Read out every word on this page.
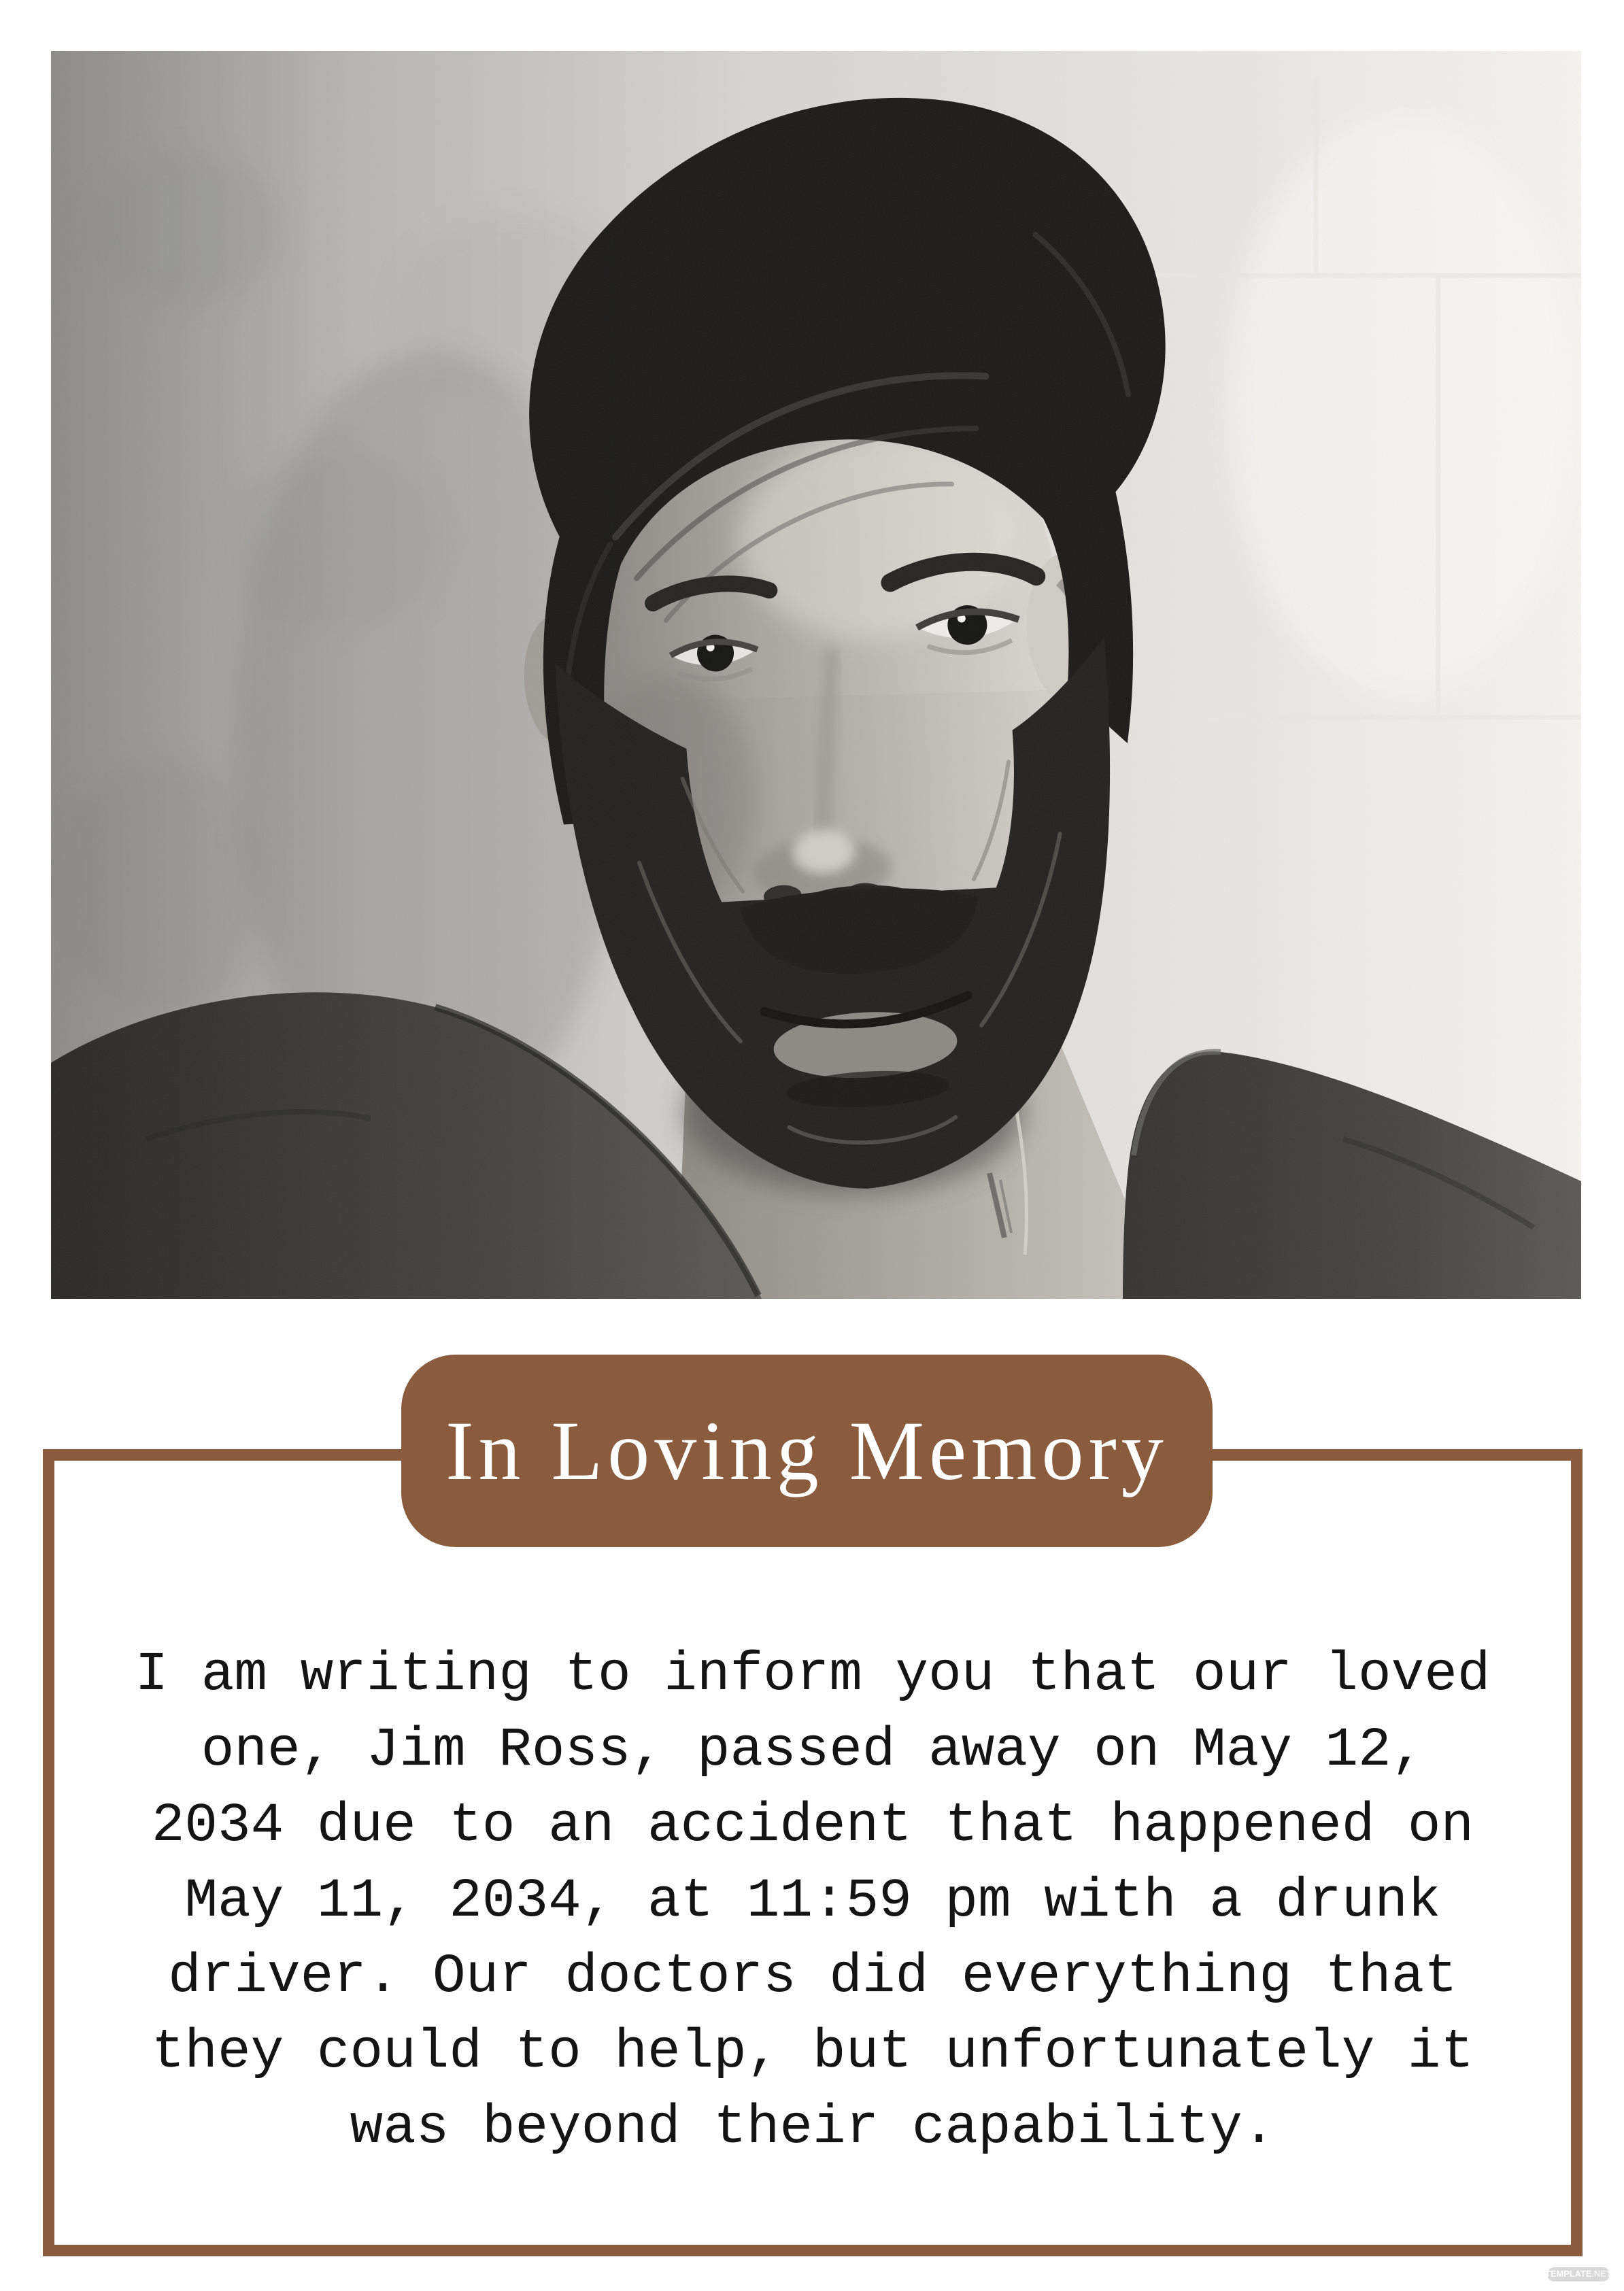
I am writing to inform you that our loved

one, Jim Ross, passed away on May 12,

2034 due to an accident that happened on

May 11, 2034, at 11:59 pm with a drunk

driver. Our doctors did everything that

they could to help, but unfortunately it

was beyond their capability.

In Loving Memory
TEMPLATE .NET
